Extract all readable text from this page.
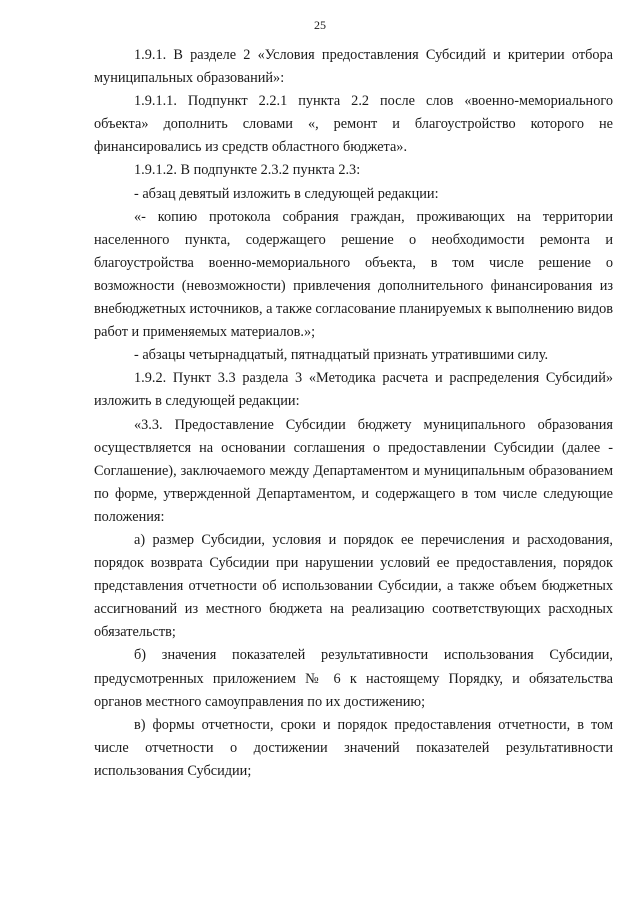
25

1.9.1. В разделе 2 «Условия предоставления Субсидий и критерии отбора муниципальных образований»:

1.9.1.1. Подпункт 2.2.1 пункта 2.2 после слов «военно-мемориального объекта» дополнить словами «, ремонт и благоустройство которого не финансировались из средств областного бюджета».

1.9.1.2. В подпункте 2.3.2 пункта 2.3:

- абзац девятый изложить в следующей редакции:

«- копию протокола собрания граждан, проживающих на территории населенного пункта, содержащего решение о необходимости ремонта и благоустройства военно-мемориального объекта, в том числе решение о возможности (невозможности) привлечения дополнительного финансирования из внебюджетных источников, а также согласование планируемых к выполнению видов работ и применяемых материалов.»;

- абзацы четырнадцатый, пятнадцатый признать утратившими силу.

1.9.2. Пункт 3.3 раздела 3 «Методика расчета и распределения Субсидий» изложить в следующей редакции:

«3.3. Предоставление Субсидии бюджету муниципального образования осуществляется на основании соглашения о предоставлении Субсидии (далее - Соглашение), заключаемого между Департаментом и муниципальным образованием по форме, утвержденной Департаментом, и содержащего в том числе следующие положения:

а) размер Субсидии, условия и порядок ее перечисления и расходования, порядок возврата Субсидии при нарушении условий ее предоставления, порядок представления отчетности об использовании Субсидии, а также объем бюджетных ассигнований из местного бюджета на реализацию соответствующих расходных обязательств;

б) значения показателей результативности использования Субсидии, предусмотренных приложением № 6 к настоящему Порядку, и обязательства органов местного самоуправления по их достижению;

в) формы отчетности, сроки и порядок предоставления отчетности, в том числе отчетности о достижении значений показателей результативности использования Субсидии;
